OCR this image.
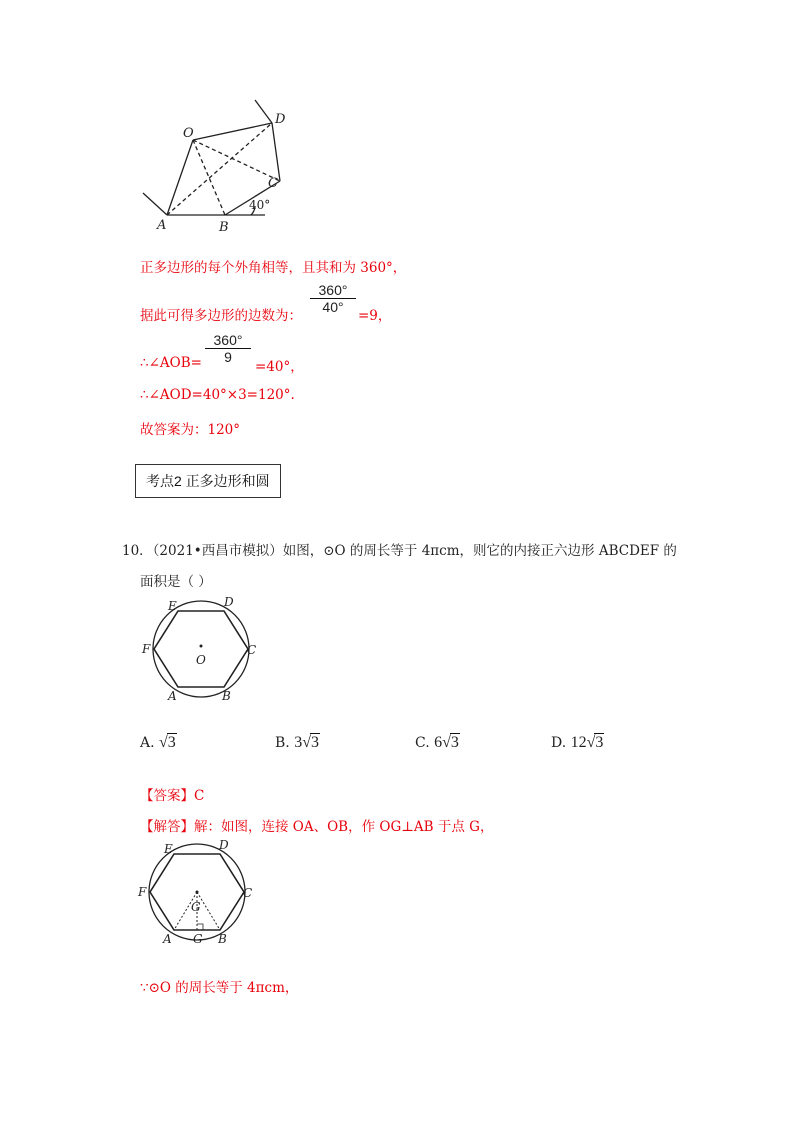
O
D
C
A	B
40°
正多边形的每个外角相等，且其和为 360°，
据此可得多边形的边数为：
360°
40°
=9，
∴∠AOB=
360°
9
=40°，
∴∠AOD=40°×3=120°.
故答案为：120°
考点2 正多边形和圆
10．（2021•西昌市模拟）如图，⊙O 的周长等于 4πcm，则它的内接正六边形 ABCDEF 的
面积是（ ）
E	D
F	C
O
A	B
A. √3	B. 3√3	C. 6√3	D. 12√3
【答案】C
【解答】解：如图，连接 OA、OB，作 OG⊥AB 于点 G，
E	D
F	C
G
A G B
∵⊙O 的周长等于 4πcm，
